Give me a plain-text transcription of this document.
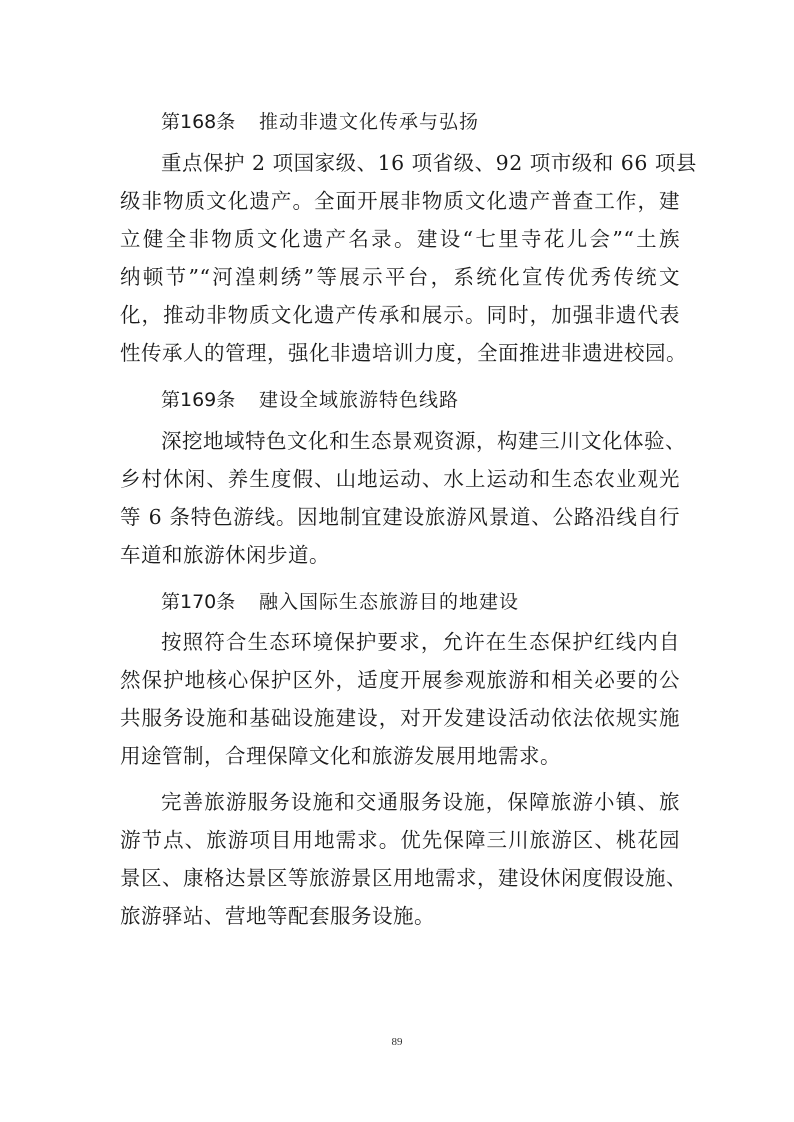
第168条 推动非遗文化传承与弘扬
重点保护 2 项国家级、16 项省级、92 项市级和 66 项县
级非物质文化遗产。全面开展非物质文化遗产普查工作，建
立健全非物质文化遗产名录。建设“七里寺花儿会”“土族
纳顿节”“河湟刺绣”等展示平台，系统化宣传优秀传统文
化，推动非物质文化遗产传承和展示。同时，加强非遗代表
性传承人的管理，强化非遗培训力度，全面推进非遗进校园。
第169条 建设全域旅游特色线路
深挖地域特色文化和生态景观资源，构建三川文化体验、
乡村休闲、养生度假、山地运动、水上运动和生态农业观光
等 6 条特色游线。因地制宜建设旅游风景道、公路沿线自行
车道和旅游休闲步道。
第170条 融入国际生态旅游目的地建设
按照符合生态环境保护要求，允许在生态保护红线内自
然保护地核心保护区外，适度开展参观旅游和相关必要的公
共服务设施和基础设施建设，对开发建设活动依法依规实施
用途管制，合理保障文化和旅游发展用地需求。
完善旅游服务设施和交通服务设施，保障旅游小镇、旅
游节点、旅游项目用地需求。优先保障三川旅游区、桃花园
景区、康格达景区等旅游景区用地需求，建设休闲度假设施、
旅游驿站、营地等配套服务设施。
89
